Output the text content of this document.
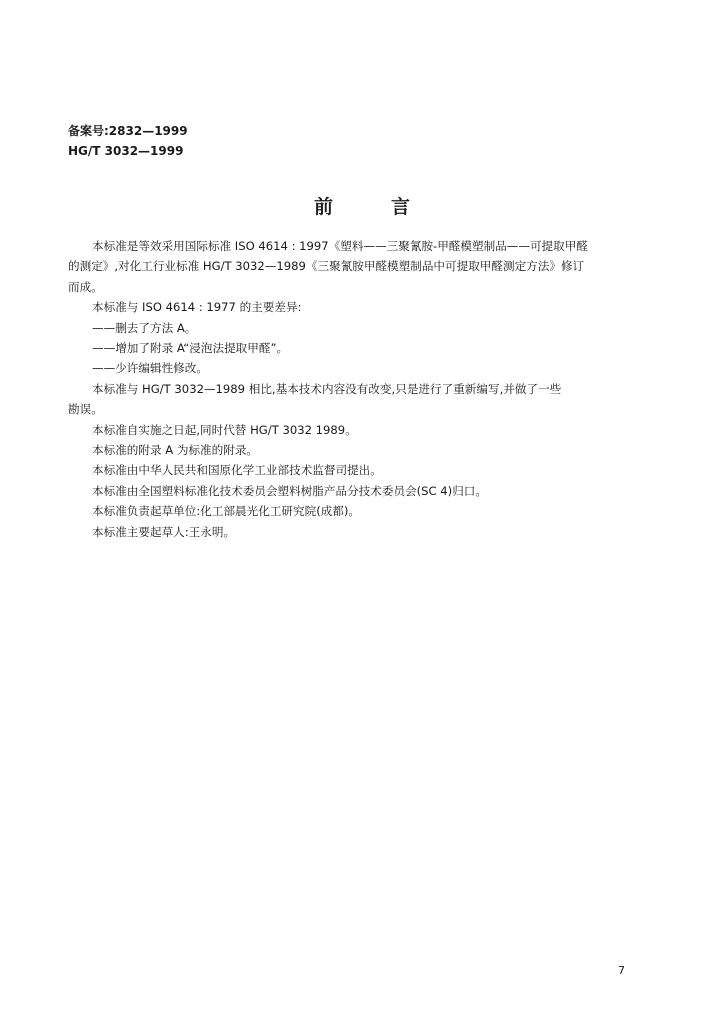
备案号:2832—1999
HG/T 3032—1999
前言

本标准是等效采用国际标准 ISO 4614 : 1997《塑料——三聚氰胺-甲醛模塑制品——可提取甲醛

的测定》,对化工行业标准 HG/T 3032—1989《三聚氰胺甲醛模塑制品中可提取甲醛测定方法》修订

而成。

本标准与 ISO 4614 : 1977 的主要差异:

——删去了方法 A。

——增加了附录 A“浸泡法提取甲醛”。

——少许编辑性修改。

本标准与 HG/T 3032—1989 相比,基本技术内容没有改变,只是进行了重新编写,并做了一些

勘误。

本标准自实施之日起,同时代替 HG/T 3032 1989。

本标准的附录 A 为标准的附录。

本标准由中华人民共和国原化学工业部技术监督司提出。

本标准由全国塑料标准化技术委员会塑料树脂产品分技术委员会(SC 4)归口。

本标准负责起草单位:化工部晨光化工研究院(成都)。

本标准主要起草人:王永明。

7
